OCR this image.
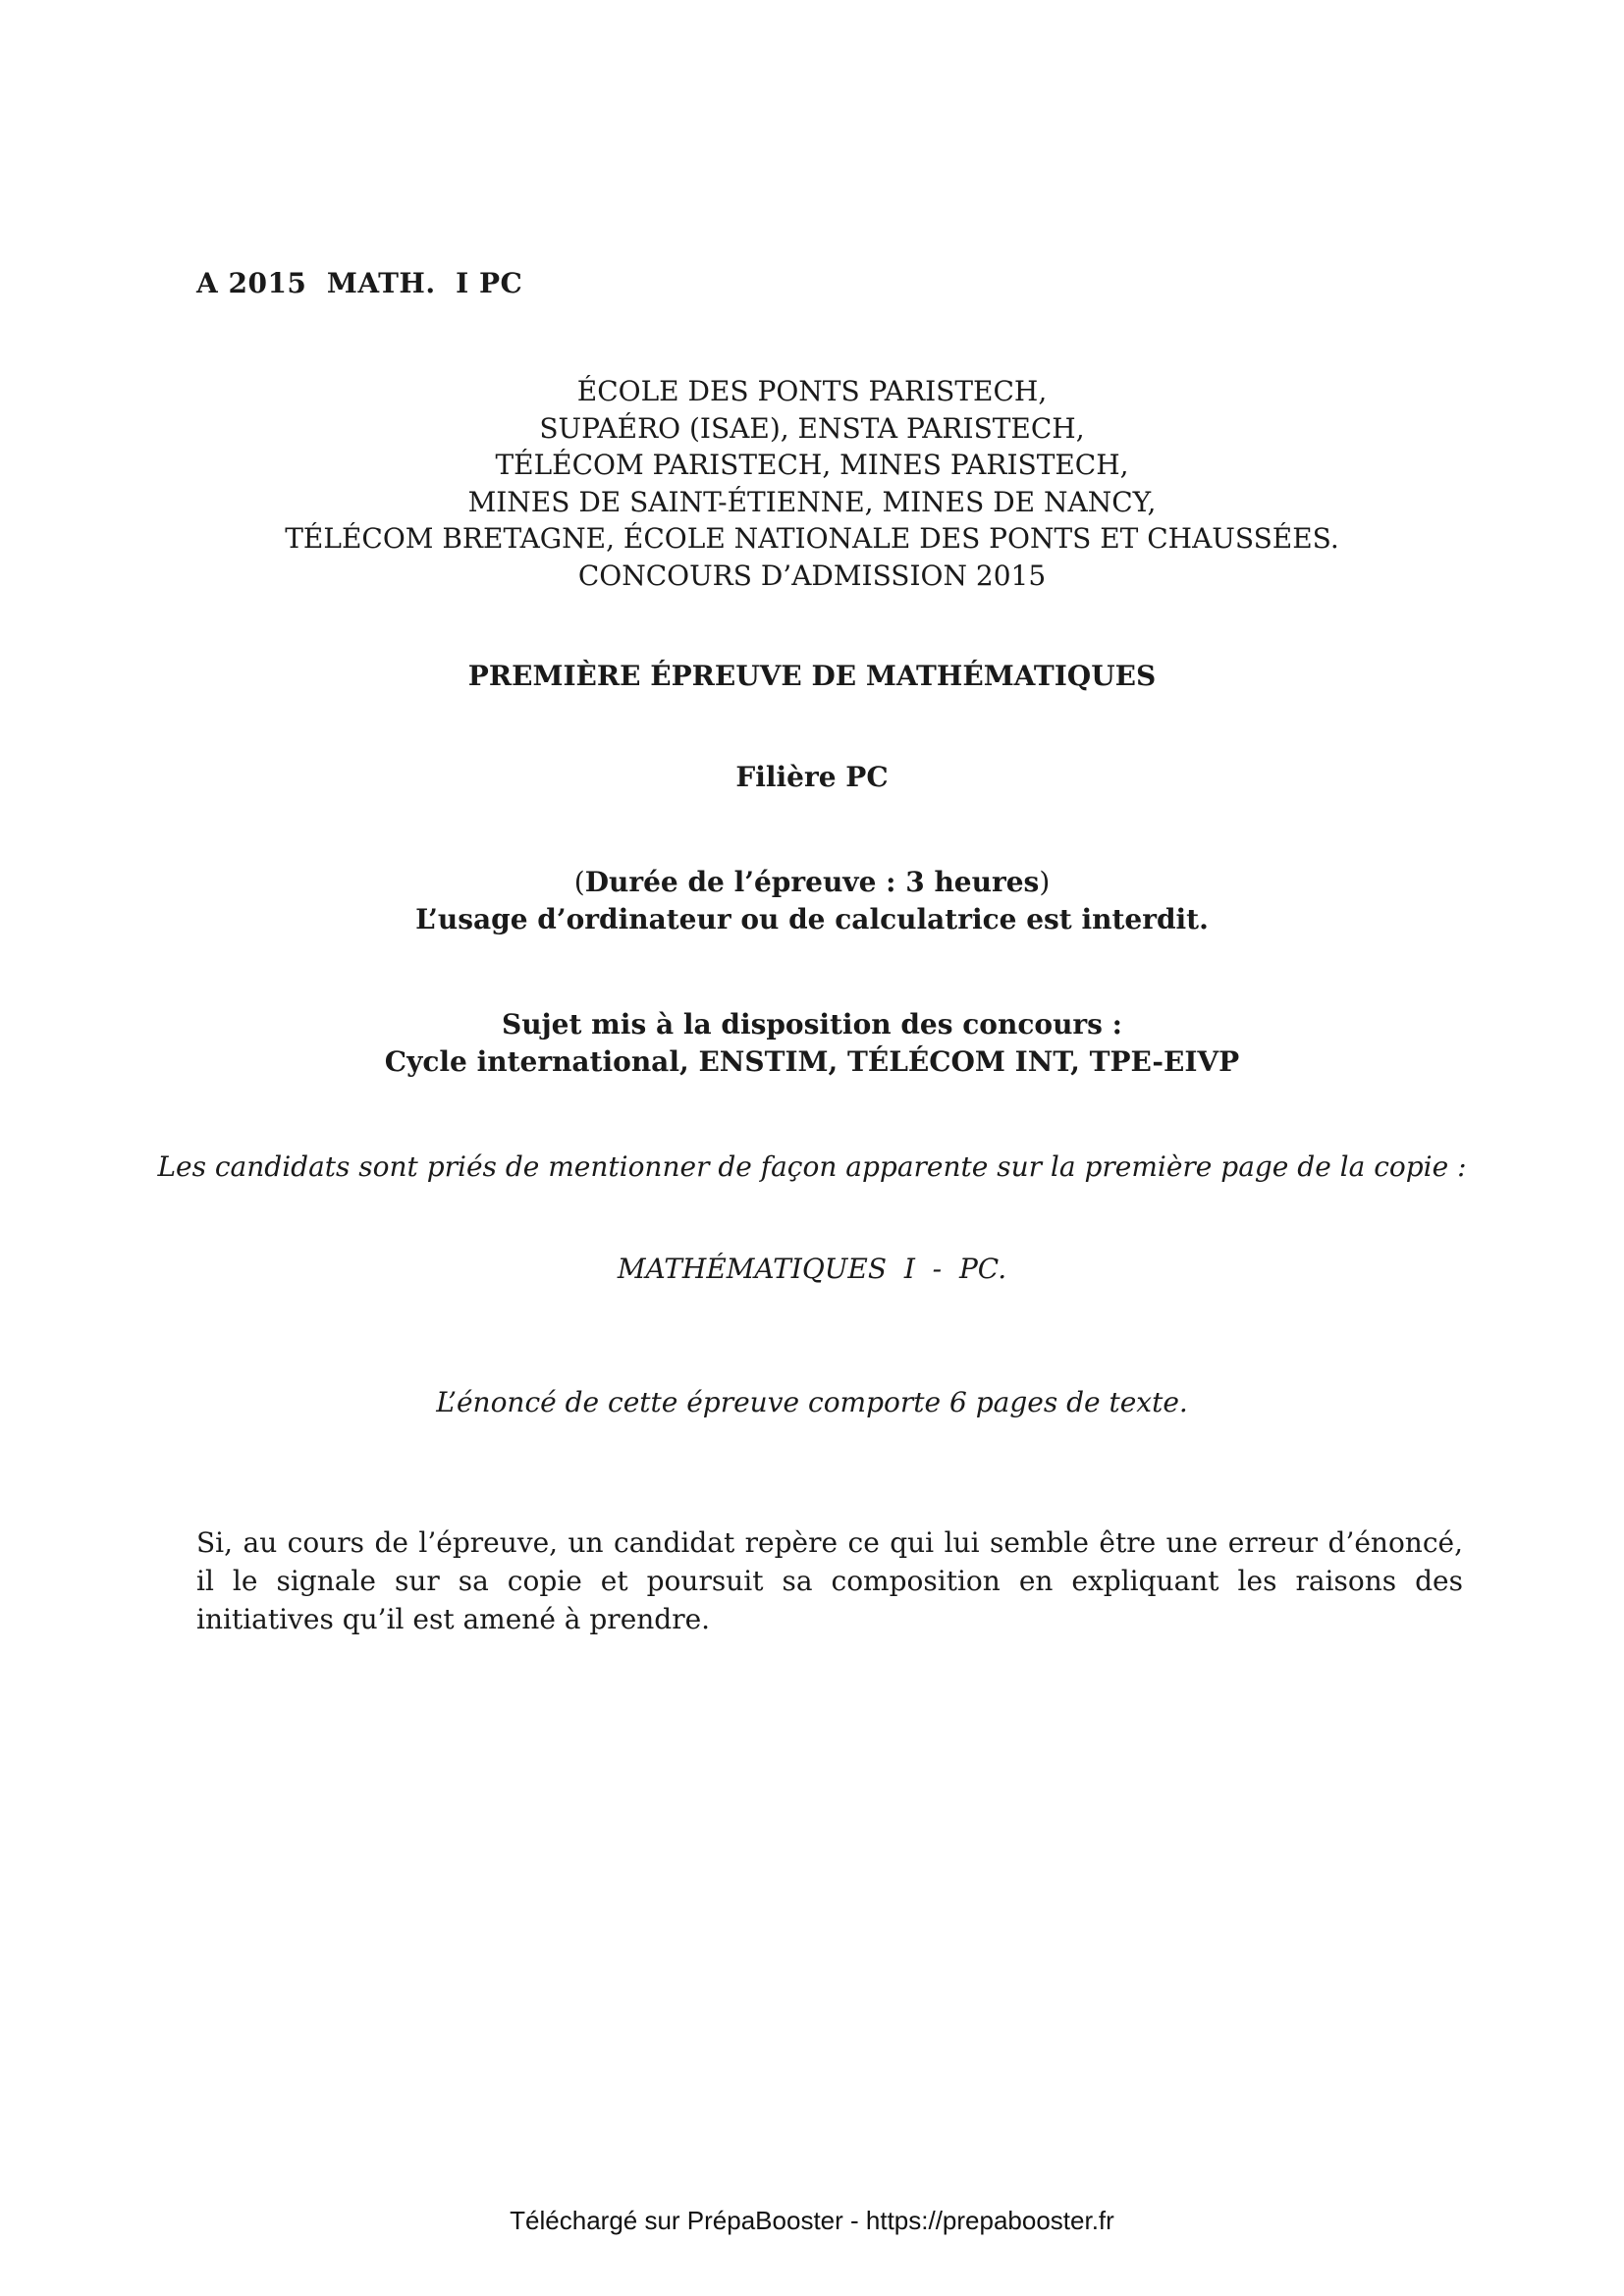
A 2015  MATH.  I PC
ÉCOLE DES PONTS PARISTECH,
SUPAÉRO (ISAE), ENSTA PARISTECH,
TÉLÉCOM PARISTECH, MINES PARISTECH,
MINES DE SAINT-ÉTIENNE, MINES DE NANCY,
TÉLÉCOM BRETAGNE, ÉCOLE NATIONALE DES PONTS ET CHAUSSÉES.
CONCOURS D’ADMISSION 2015
PREMIÈRE ÉPREUVE DE MATHÉMATIQUES
Filière PC
(Durée de l’épreuve : 3 heures)
L’usage d’ordinateur ou de calculatrice est interdit.
Sujet mis à la disposition des concours :
Cycle international, ENSTIM, TÉLÉCOM INT, TPE-EIVP
Les candidats sont priés de mentionner de façon apparente sur la première page de la copie :
MATHÉMATIQUES  I  -  PC.
L’énoncé de cette épreuve comporte 6 pages de texte.
Si, au cours de l’épreuve, un candidat repère ce qui lui semble être une erreur d’énoncé, il le signale sur sa copie et poursuit sa composition en expliquant les raisons des initiatives qu’il est amené à prendre.
Téléchargé sur PrépaBooster - https://prepabooster.fr
